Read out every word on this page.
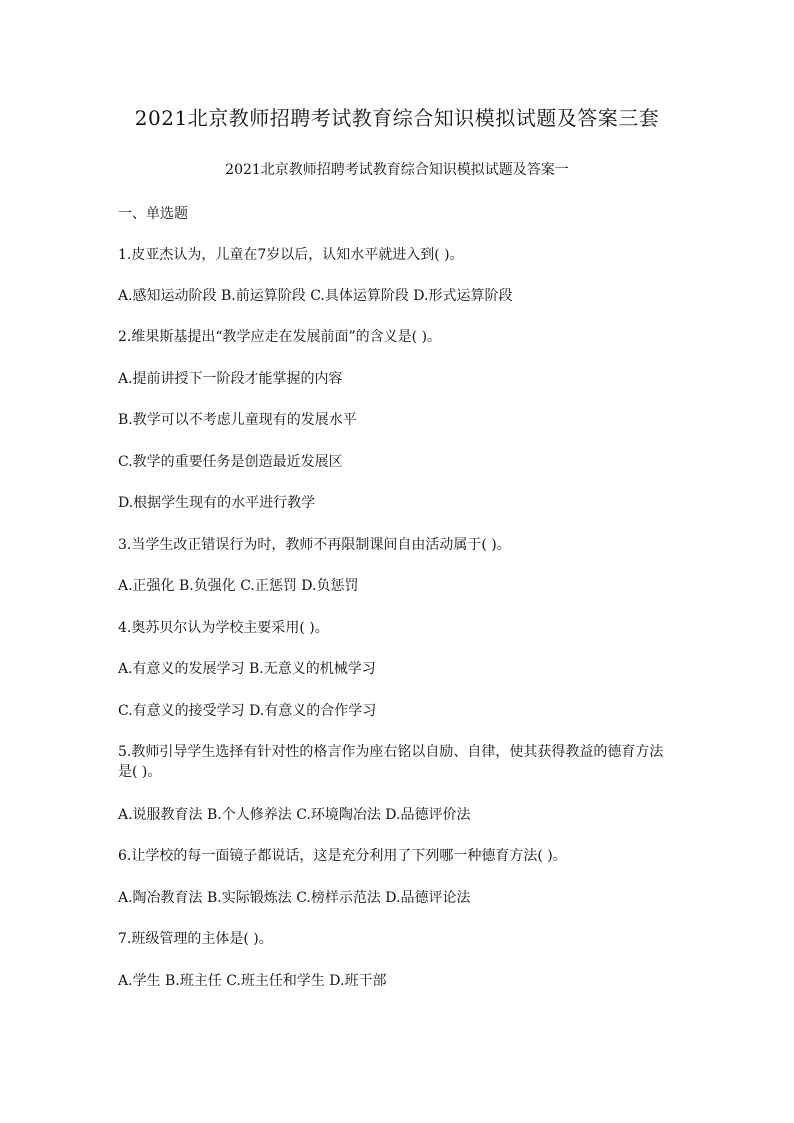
2021北京教师招聘考试教育综合知识模拟试题及答案三套
2021北京教师招聘考试教育综合知识模拟试题及答案一
一、单选题
1.皮亚杰认为，儿童在7岁以后，认知水平就进入到( )。
A.感知运动阶段 B.前运算阶段 C.具体运算阶段 D.形式运算阶段
2.维果斯基提出“教学应走在发展前面”的含义是( )。
A.提前讲授下一阶段才能掌握的内容
B.教学可以不考虑儿童现有的发展水平
C.教学的重要任务是创造最近发展区
D.根据学生现有的水平进行教学
3.当学生改正错误行为时，教师不再限制课间自由活动属于( )。
A.正强化 B.负强化 C.正惩罚 D.负惩罚
4.奥苏贝尔认为学校主要采用( )。
A.有意义的发展学习 B.无意义的机械学习
C.有意义的接受学习 D.有意义的合作学习
5.教师引导学生选择有针对性的格言作为座右铭以自励、自律，使其获得教益的德育方法是( )。
A.说服教育法 B.个人修养法 C.环境陶冶法 D.品德评价法
6.让学校的每一面镜子都说话，这是充分利用了下列哪一种德育方法( )。
A.陶冶教育法 B.实际锻炼法 C.榜样示范法 D.品德评论法
7.班级管理的主体是( )。
A.学生 B.班主任 C.班主任和学生 D.班干部
